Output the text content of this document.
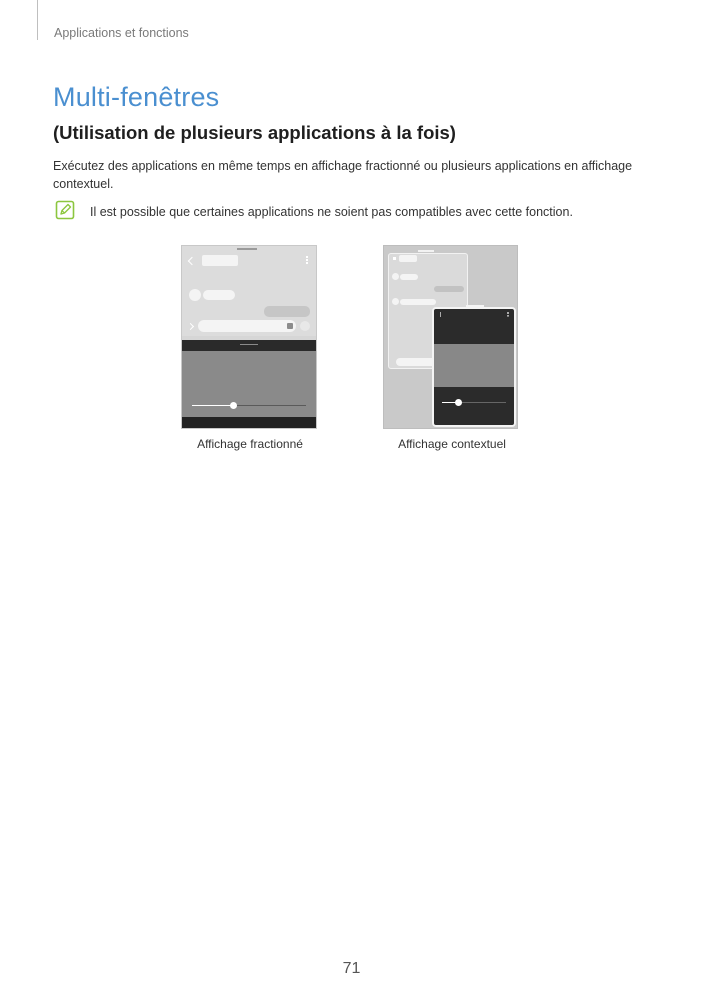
Applications et fonctions
Multi-fenêtres
(Utilisation de plusieurs applications à la fois)

Exécutez des applications en même temps en affichage fractionné ou plusieurs applications en affichage contextuel.

Il est possible que certaines applications ne soient pas compatibles avec cette fonction.
Affichage fractionné	Affichage contextuel
71
